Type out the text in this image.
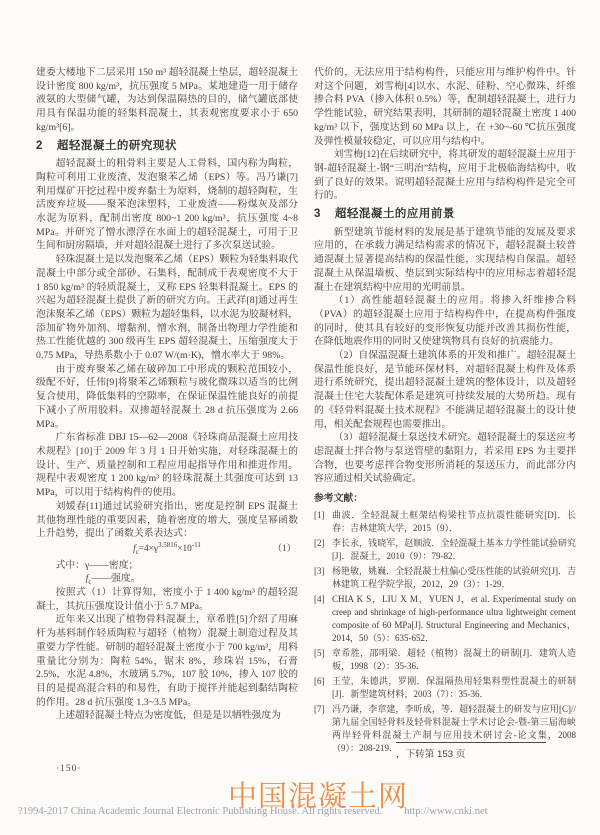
建委大楼地下二层采用 150 m³ 超轻混凝土垫层，超轻混凝土设计密度 800 kg/m³，抗压强度 5 MPa。某地建造一用于储存液氨的大型储气罐，为达到保温隔热的目的，储气罐底部使用具有保温功能的轻集料混凝土，其表观密度要求小于 650 kg/m³[6]。

2 超轻混凝土的研究现状

超轻混凝土的粗骨料主要是人工骨料，国内称为陶粒，陶粒可利用工业废渣、发泡聚苯乙烯（EPS）等。冯乃谦[7]利用煤矿开挖过程中废弃黏土为原料，烧制的超轻陶粒，生活废弃垃圾——聚苯泡沫塑料，工业废渣——粉煤灰及部分水泥为原料，配制出密度 800~1 200 kg/m³，抗压强度 4~8 MPa。并研究了憎水漂浮在水面上的超轻混凝土，可用于卫生间和厨房隔墙，并对超轻混凝土进行了多次泵送试验。

轻珠混凝土是以发泡聚苯乙烯（EPS）颗粒为轻集料取代混凝土中部分或全部砂、石集料，配制成干表观密度不大于 1 850 kg/m³ 的轻质混凝土，又称 EPS 轻集料混凝土。EPS 的兴起为超轻混凝土提供了新的研究方向。王武祥[8]通过再生泡沫聚苯乙烯（EPS）颗粒为超轻集料，以水泥为胶凝材料，添加矿物外加剂、增黏剂、憎水剂，制备出物理力学性能和热工性能优越的 300 级再生 EPS 超轻混凝土，压缩强度大于 0.75 MPa，导热系数小于 0.07 W/(m·K)，憎水率大于 98%。

由于废弃聚苯乙烯在破碎加工中形成的颗粒范围较小，级配不好，任伟[9]将聚苯乙烯颗粒与玻化微珠以适当的比例复合使用，降低集料的空隙率，在保证保温性能良好的前提下减小了所用胶料。双掺超轻混凝土 28 d 抗压强度为 2.66 MPa。

广东省标准 DBJ 15—62—2008《轻珠商品混凝土应用技术规程》[10]于 2009 年 3 月 1 日开始实施，对轻珠混凝土的设计、生产、质量控制和工程应用起指导作用和推进作用。规程中表观密度 1 200 kg/m³ 的轻珠混凝土其强度可达到 13 MPa，可以用于结构构件的使用。

刘媛春[11]通过试验研究指出，密度是控制 EPS 混凝土其他物理性能的重要因素，随着密度的增大，强度呈幂函数上升趋势，提出了函数关系表达式：

$f_c=4\times\gamma^{3.5816}\times 10^{-11}$	（1）

式中：γ——密度；

$f_c——$强度。

按照式（1）计算得知，密度小于 1 400 kg/m³ 的超轻混凝土，其抗压强度设计值小于 5.7 MPa。

近年来又出现了植物骨料混凝土，章希胜[5]介绍了用麻杆为基料制作轻质陶粒与超轻（植物）混凝土制造过程及其重要力学性能。研制的超轻混凝土密度小于 700 kg/m³，用料重量比分别为：陶粒 54%，锯末 8%，珍珠岩 15%，石膏 2.5%，水泥 4.8%，水玻璃 5.7%，107 胶 10%，掺入 107 胶的目的是提高混合料的和易性，有助于搅拌并能起到黏结陶粒的作用。28 d 抗压强度 1.3~3.5 MPa。

上述超轻混凝土特点为密度低，但是是以牺牲强度为

代价的，无法应用于结构构件，只能应用与维护构件中。针对这个问题，刘雪梅[4]以水、水泥、硅粉、空心微珠、纤维掺合料 PVA（掺入体积 0.5%）等，配制超轻混凝土，进行力学性能试验，研究结果表明，其研制的超轻混凝土密度 1 400 kg/m³ 以下，强度达到 60 MPa 以上，在 +30~-60 ℃抗压强度及弹性模量较稳定，可以应用与结构中。

刘雪梅[12]在后续研究中，将其研发的超轻混凝土应用于钢-超轻混凝土-钢“三明治”结构，应用于北极临海结构中，收到了良好的效果。说明超轻混凝土应用与结构构件是完全可行的。

3 超轻混凝土的应用前景

新型建筑节能材料的发展是基于建筑节能的发展及要求应用的，在承载力满足结构需求的情况下，超轻混凝土较普通混凝土显著提高结构的保温性能，实现结构自保温。超轻混凝土从保温墙板、垫层到实际结构中的应用标志着超轻混凝土在建筑结构中应用的光明前景。

（1）高性能超轻混凝土的应用。将掺入纤维掺合料（PVA）的超轻混凝土应用于结构构件中，在提高构件强度的同时，使其具有较好的变形恢复功能并改善其损伤性能，在降低地震作用的同时又使建筑物具有良好的抗震能力。

（2）自保温混凝土建筑体系的开发和推广。超轻混凝土保温性能良好，是节能环保材料，对超轻混凝土构件及体系进行系统研究，提出超轻混凝土建筑的整体设计，以及超轻混凝土住宅大装配体系是建筑可持续发展的大势所趋。现有的《轻骨料混凝土技术规程》不能满足超轻混凝土的设计使用，相关配套规程也需要推出。

（3）超轻混凝土泵送技术研究。超轻混凝土的泵送应考虑混凝土拌合物与泵送管壁的黏阻力，若采用 EPS 为主要拌合物，也要考虑拌合物变形所消耗的泵送压力，而此部分内容应通过相关试验确定。

参考文献：
[1] 曲波．全轻混凝土框架结构梁柱节点抗震性能研究[D]．长春：吉林建筑大学，2015（9）．
[2] 李长永，钱晓军，赵顺波．全轻混凝土基本力学性能试验研究[J]．混凝土，2010（9）：79-82．
[3] 杨艳敏，姚巍．全轻混凝土柱偏心受压性能的试验研究[J]．吉林建筑工程学院学报，2012，29（3）：1-29．
[4] CHIA K S，LIU X M，YUEN J，et al. Experimental study on creep and shrinkage of high-performance ultra lightweight cement composite of 60 MPa[J]. Structural Engineering and Mechanics，2014，50（5）：635-652．
[5] 章希胜，邵明梁．超轻（植物）混凝土的研制[J]．建筑人造板，1998（2）：35-36．
[6] 王莹，朱德洪，罗刚．保温隔热用轻集料塑性混凝土的研制[J]．新型建筑材料，2003（7）：35-36．
[7] 冯乃谦，李章建，李昕成，等．超轻混凝土的研发与应用[C]//第九届全国轻骨料及轻骨料混凝土学术讨论会-暨-第三届海峡两岸轻骨料混凝土产制与应用技术研讨会-论文集，2008（9）：208-219．
，下转第 153 页
·150·
中国混凝土网
?1994-2017 China Academic Journal Electronic Publishing House. All rights reserved. http://www.cnki.net
